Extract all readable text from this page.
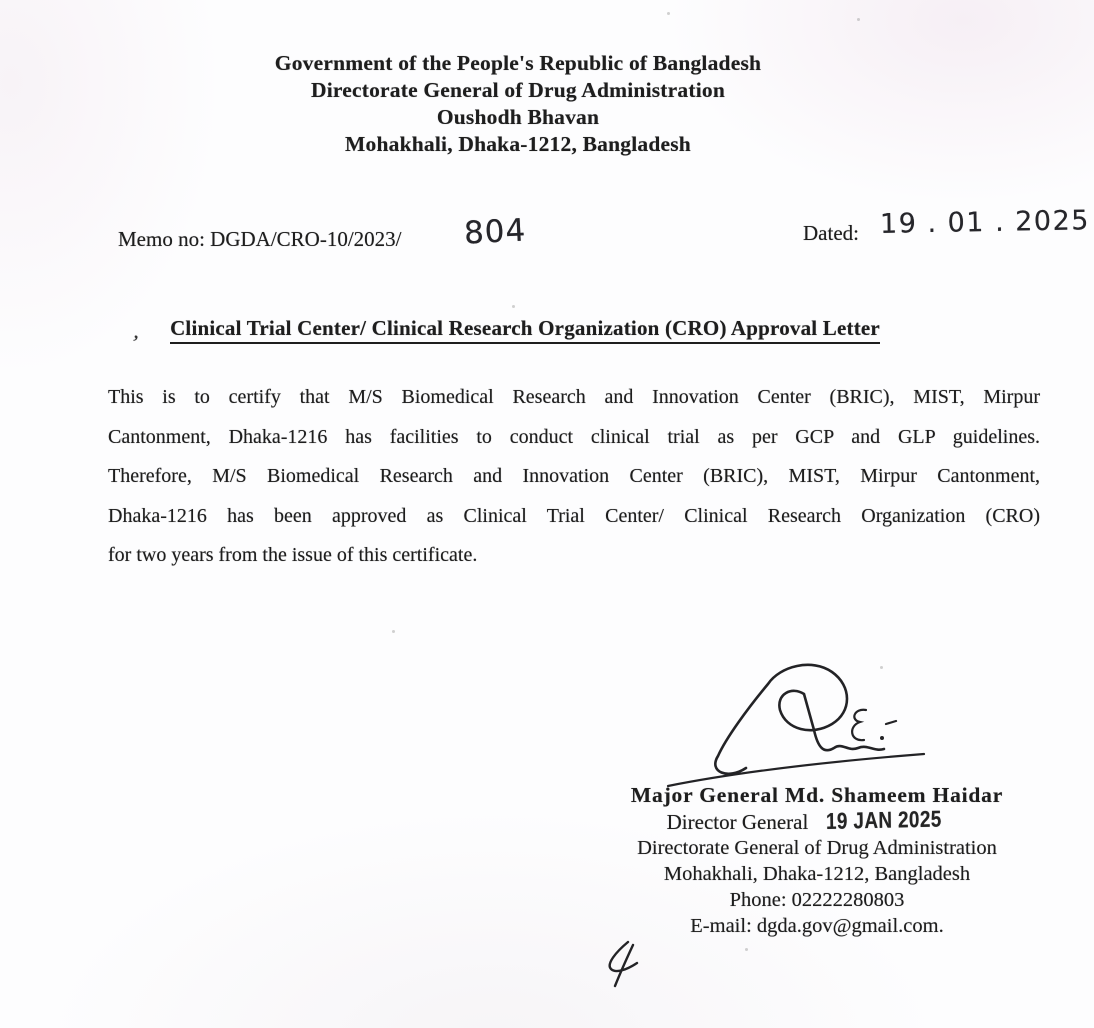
Government of the People's Republic of Bangladesh
Directorate General of Drug Administration
Oushodh Bhavan
Mohakhali, Dhaka-1212, Bangladesh
Memo no: DGDA/CRO-10/2023/ 804	Dated: 19 . 01 . 2025
’
Clinical Trial Center/ Clinical Research Organization (CRO) Approval Letter
This is to certify that M/S Biomedical Research and Innovation Center (BRIC), MIST, Mirpur
Cantonment, Dhaka-1216 has facilities to conduct clinical trial as per GCP and GLP guidelines.
Therefore, M/S Biomedical Research and Innovation Center (BRIC), MIST, Mirpur Cantonment,
Dhaka-1216 has been approved as Clinical Trial Center/ Clinical Research Organization (CRO)
for two years from the issue of this certificate.
Major General Md. Shameem Haidar
Director General 19 JAN 2025
Directorate General of Drug Administration
Mohakhali, Dhaka-1212, Bangladesh
Phone: 02222280803
E-mail: dgda.gov@gmail.com.
